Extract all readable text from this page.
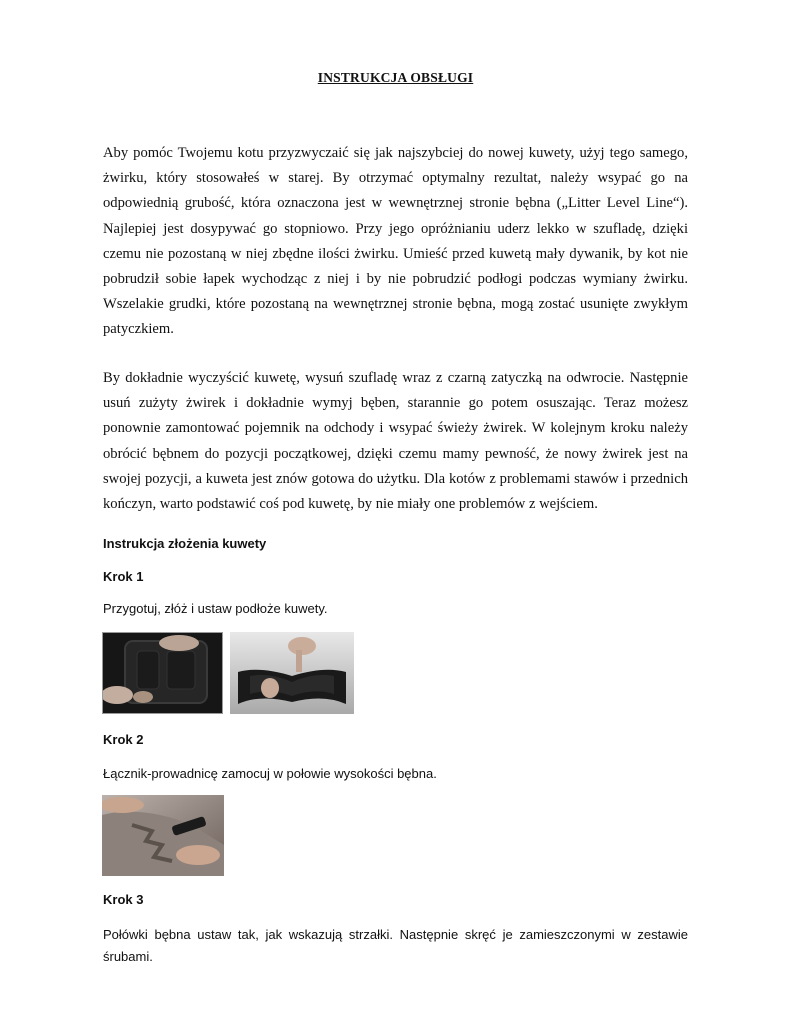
INSTRUKCJA OBSŁUGI

Aby pomóc Twojemu kotu przyzwyczaić się jak najszybciej do nowej kuwety, użyj tego samego, żwirku, który stosowałeś w starej. By otrzymać optymalny rezultat, należy wsypać go na odpowiednią grubość, która oznaczona jest w wewnętrznej stronie bębna („Litter Level Line“). Najlepiej jest dosypywać go stopniowo. Przy jego opróżnianiu uderz lekko w szufladę, dzięki czemu nie pozostaną w niej zbędne ilości żwirku. Umieść przed kuwetą mały dywanik, by kot nie pobrudził sobie łapek wychodząc z niej i by nie pobrudzić podłogi podczas wymiany żwirku. Wszelakie grudki, które pozostaną na wewnętrznej stronie bębna, mogą zostać usunięte zwykłym patyczkiem.

By dokładnie wyczyścić kuwetę, wysuń szufladę wraz z czarną zatyczką na odwrocie. Następnie usuń zużyty żwirek i dokładnie wymyj bęben, starannie go potem osuszając. Teraz możesz ponownie zamontować pojemnik na odchody i wsypać świeży żwirek. W kolejnym kroku należy obrócić bębnem do pozycji początkowej, dzięki czemu mamy pewność, że nowy żwirek jest na swojej pozycji, a kuweta jest znów gotowa do użytku. Dla kotów z problemami stawów i przednich kończyn, warto podstawić coś pod kuwetę, by nie miały one problemów z wejściem.

Instrukcja złożenia kuwety

Krok 1

Przygotuj, złóż i ustaw podłoże kuwety.

Krok 2

Łącznik-prowadnicę zamocuj w połowie wysokości bębna.

Krok 3

Połówki bębna ustaw tak, jak wskazują strzałki. Następnie skręć je zamieszczonymi w zestawie śrubami.
